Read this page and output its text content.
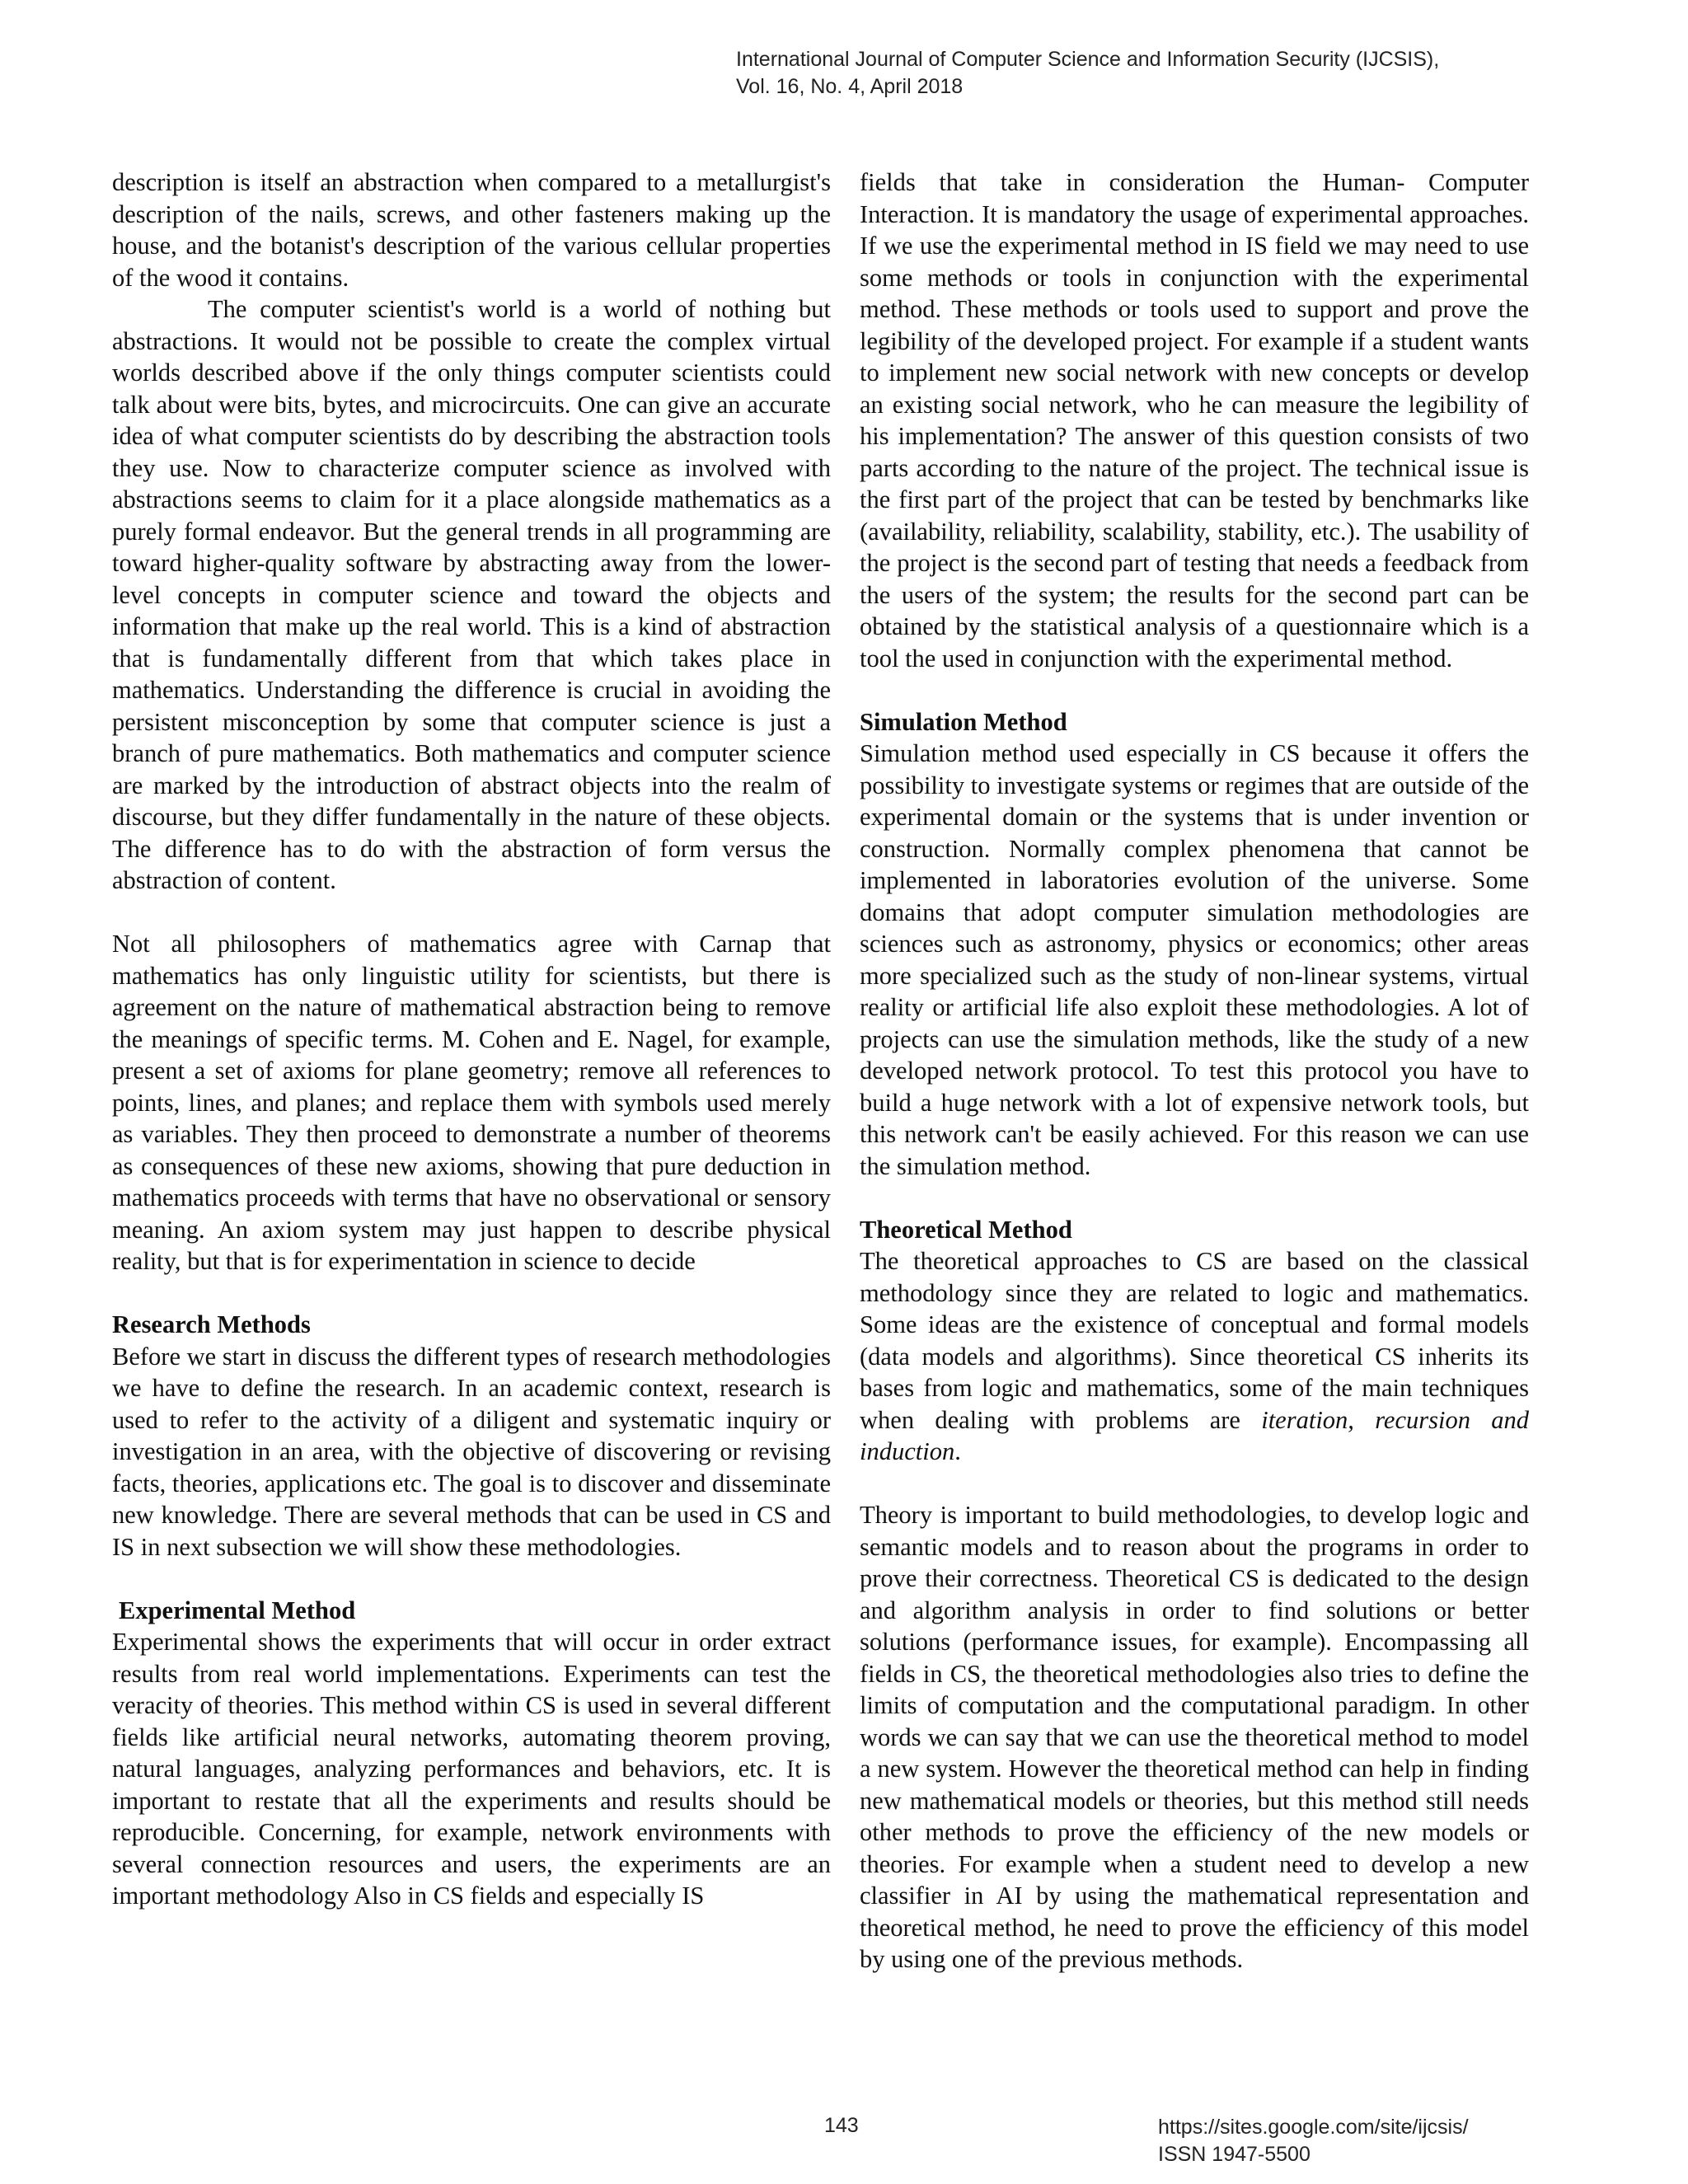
International Journal of Computer Science and Information Security (IJCSIS),
Vol. 16, No. 4, April 2018

description is itself an abstraction when compared to a metallurgist's description of the nails, screws, and other fasteners making up the house, and the botanist's description of the various cellular properties of the wood it contains.

The computer scientist's world is a world of nothing but abstractions. It would not be possible to create the complex virtual worlds described above if the only things computer scientists could talk about were bits, bytes, and microcircuits. One can give an accurate idea of what computer scientists do by describing the abstraction tools they use. Now to characterize computer science as involved with abstractions seems to claim for it a place alongside mathematics as a purely formal endeavor. But the general trends in all programming are toward higher-quality software by abstracting away from the lower-level concepts in computer science and toward the objects and information that make up the real world. This is a kind of abstraction that is fundamentally different from that which takes place in mathematics. Understanding the difference is crucial in avoiding the persistent misconception by some that computer science is just a branch of pure mathematics. Both mathematics and computer science are marked by the introduction of abstract objects into the realm of discourse, but they differ fundamentally in the nature of these objects. The difference has to do with the abstraction of form versus the abstraction of content.

Not all philosophers of mathematics agree with Carnap that mathematics has only linguistic utility for scientists, but there is agreement on the nature of mathematical abstraction being to remove the meanings of specific terms. M. Cohen and E. Nagel, for example, present a set of axioms for plane geometry; remove all references to points, lines, and planes; and replace them with symbols used merely as variables. They then proceed to demonstrate a number of theorems as consequences of these new axioms, showing that pure deduction in mathematics proceeds with terms that have no observational or sensory meaning. An axiom system may just happen to describe physical reality, but that is for experimentation in science to decide

Research Methods

Before we start in discuss the different types of research methodologies we have to define the research. In an academic context, research is used to refer to the activity of a diligent and systematic inquiry or investigation in an area, with the objective of discovering or revising facts, theories, applications etc. The goal is to discover and disseminate new knowledge. There are several methods that can be used in CS and IS in next subsection we will show these methodologies.

Experimental Method

Experimental shows the experiments that will occur in order extract results from real world implementations. Experiments can test the veracity of theories. This method within CS is used in several different fields like artificial neural networks, automating theorem proving, natural languages, analyzing performances and behaviors, etc. It is important to restate that all the experiments and results should be reproducible. Concerning, for example, network environments with several connection resources and users, the experiments are an important methodology Also in CS fields and especially IS

fields that take in consideration the Human- Computer Interaction. It is mandatory the usage of experimental approaches. If we use the experimental method in IS field we may need to use some methods or tools in conjunction with the experimental method. These methods or tools used to support and prove the legibility of the developed project. For example if a student wants to implement new social network with new concepts or develop an existing social network, who he can measure the legibility of his implementation? The answer of this question consists of two parts according to the nature of the project. The technical issue is the first part of the project that can be tested by benchmarks like (availability, reliability, scalability, stability, etc.). The usability of the project is the second part of testing that needs a feedback from the users of the system; the results for the second part can be obtained by the statistical analysis of a questionnaire which is a tool the used in conjunction with the experimental method.

Simulation Method

Simulation method used especially in CS because it offers the possibility to investigate systems or regimes that are outside of the experimental domain or the systems that is under invention or construction. Normally complex phenomena that cannot be implemented in laboratories evolution of the universe. Some domains that adopt computer simulation methodologies are sciences such as astronomy, physics or economics; other areas more specialized such as the study of non-linear systems, virtual reality or artificial life also exploit these methodologies. A lot of projects can use the simulation methods, like the study of a new developed network protocol. To test this protocol you have to build a huge network with a lot of expensive network tools, but this network can't be easily achieved. For this reason we can use the simulation method.

Theoretical Method

The theoretical approaches to CS are based on the classical methodology since they are related to logic and mathematics. Some ideas are the existence of conceptual and formal models (data models and algorithms). Since theoretical CS inherits its bases from logic and mathematics, some of the main techniques when dealing with problems are iteration, recursion and induction.

Theory is important to build methodologies, to develop logic and semantic models and to reason about the programs in order to prove their correctness. Theoretical CS is dedicated to the design and algorithm analysis in order to find solutions or better solutions (performance issues, for example). Encompassing all fields in CS, the theoretical methodologies also tries to define the limits of computation and the computational paradigm. In other words we can say that we can use the theoretical method to model a new system. However the theoretical method can help in finding new mathematical models or theories, but this method still needs other methods to prove the efficiency of the new models or theories. For example when a student need to develop a new classifier in AI by using the mathematical representation and theoretical method, he need to prove the efficiency of this model by using one of the previous methods.

143	https://sites.google.com/site/ijcsis/
ISSN 1947-5500
